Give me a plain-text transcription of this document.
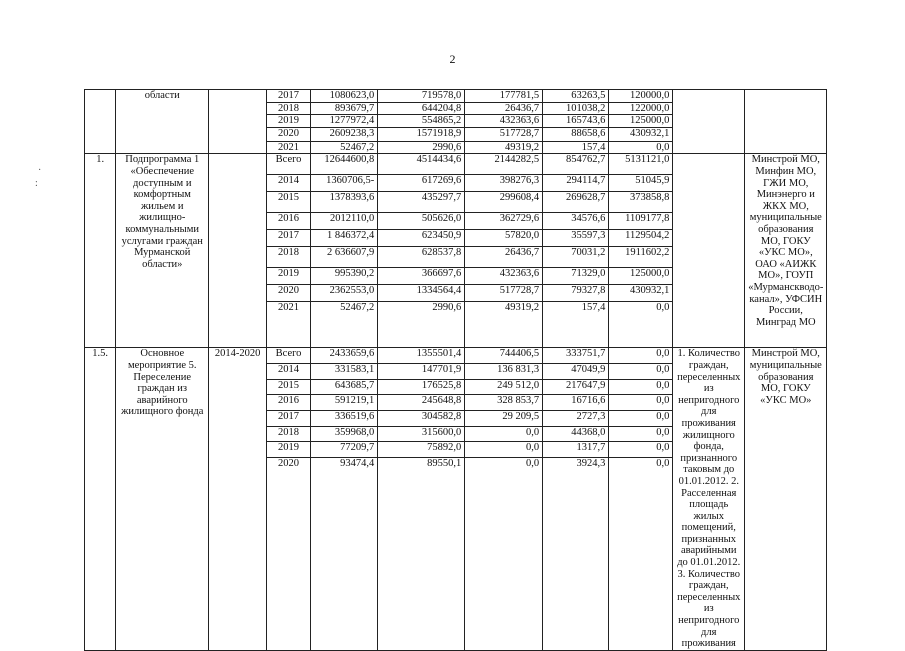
2
	области		2017	1080623,0	719578,0	177781,5	63263,5	120000,0		
			2018	893679,7	644204,8	26436,7	101038,2	122000,0		
			2019	1277972,4	554865,2	432363,6	165743,6	125000,0		
			2020	2609238,3	1571918,9	517728,7	88658,6	430932,1		
			2021	52467,2	2990,6	49319,2	157,4	0,0		
1.	Подпрограмма 1 «Обеспечение доступным и комфортным жильем и жилищно-коммунальными услугами граждан Мурманской области»		Всего	12644600,8	4514434,6	2144282,5	854762,7	5131121,0		Минстрой МО, Минфин МО, ГЖИ МО, Минэнерго и ЖКХ МО, муниципальные образования МО, ГОКУ «УКС МО», ОАО «АИЖК МО», ГОУП «Мурманскводо-канал», УФСИН России, Минград МО
			2014	1360706,5-	617269,6	398276,3	294114,7	51045,9		
			2015	1378393,6	435297,7	299608,4	269628,7	373858,8		
			2016	2012110,0	505626,0	362729,6	34576,6	1109177,8		
			2017	1 846372,4	623450,9	57820,0	35597,3	1129504,2		
			2018	2 636607,9	628537,8	26436,7	70031,2	1911602,2		
			2019	995390,2	366697,6	432363,6	71329,0	125000,0		
			2020	2362553,0	1334564,4	517728,7	79327,8	430932,1		
			2021	52467,2	2990,6	49319,2	157,4	0,0		
1.5.	Основное мероприятие 5. Переселение граждан из аварийного жилищного фонда	2014-2020	Всего	2433659,6	1355501,4	744406,5	333751,7	0,0	1. Количество граждан, переселенных из непригодного для проживания жилищного фонда, признанного таковым до 01.01.2012. 2. Расселенная площадь жилых помещений, признанных аварийными до 01.01.2012. 3. Количество граждан, переселенных из непригодного для проживания	Минстрой МО, муниципальные образования МО, ГОКУ «УКС МО»
			2014	331583,1	147701,9	136 831,3	47049,9	0,0		
			2015	643685,7	176525,8	249 512,0	217647,9	0,0		
			2016	591219,1	245648,8	328 853,7	16716,6	0,0		
			2017	336519,6	304582,8	29 209,5	2727,3	0,0		
			2018	359968,0	315600,0	0,0	44368,0	0,0		
			2019	77209,7	75892,0	0,0	1317,7	0,0		
			2020	93474,4	89550,1	0,0	3924,3	0,0		
·
:
